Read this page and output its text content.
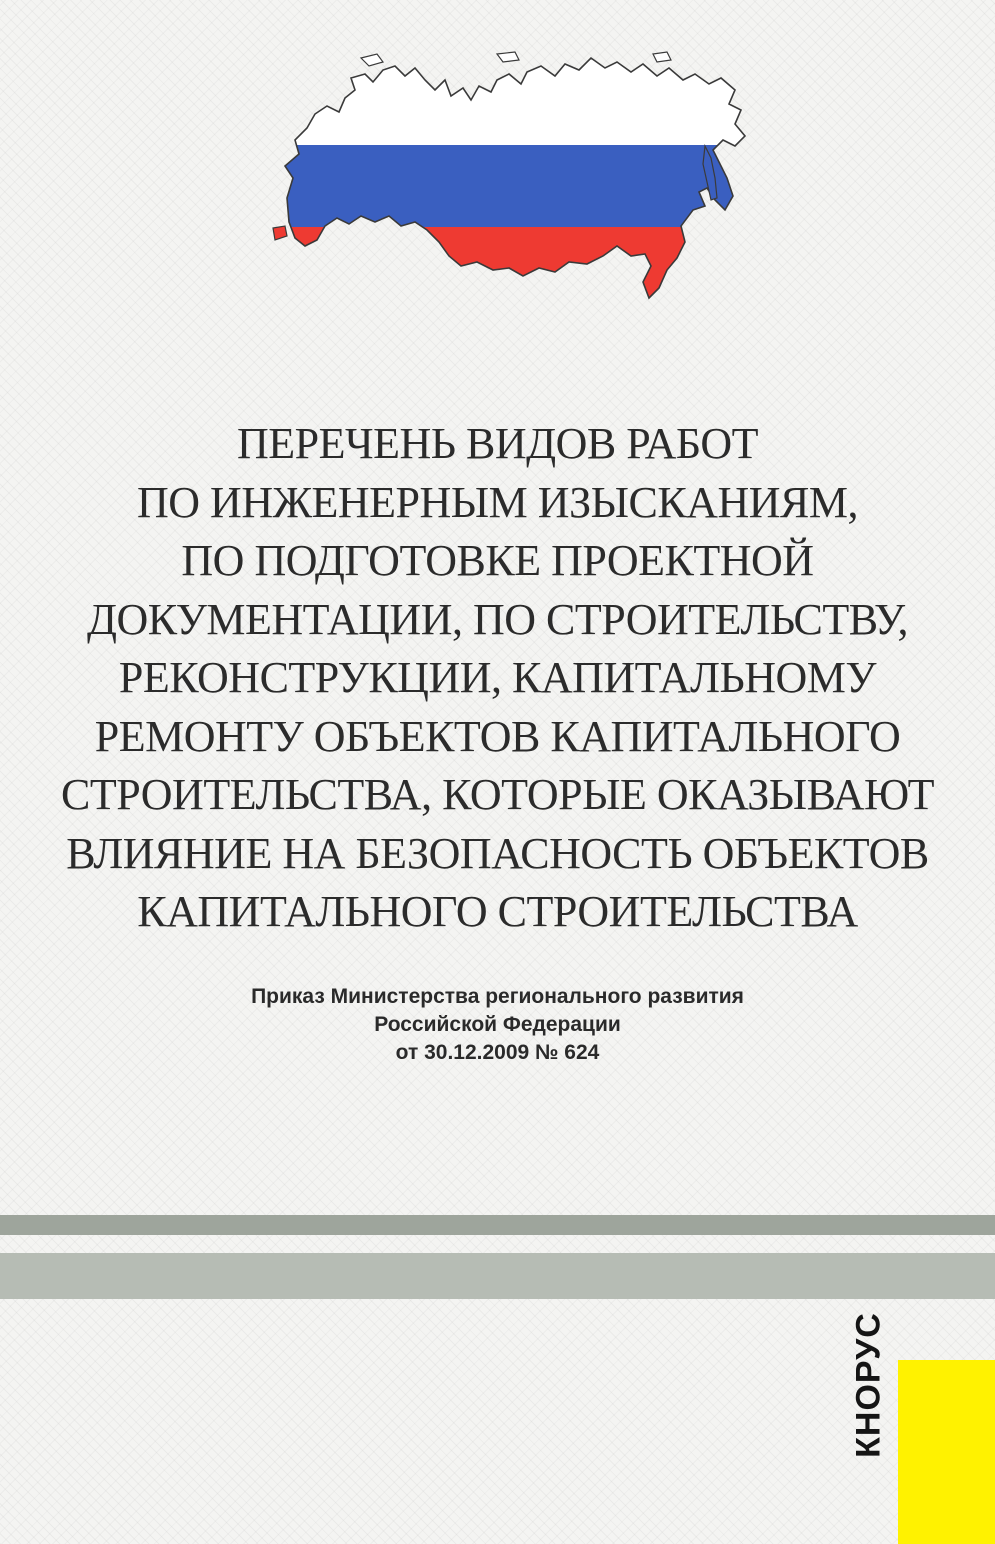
ПЕРЕЧЕНЬ ВИДОВ РАБОТ
ПО ИНЖЕНЕРНЫМ ИЗЫСКАНИЯМ,
ПО ПОДГОТОВКЕ ПРОЕКТНОЙ
ДОКУМЕНТАЦИИ, ПО СТРОИТЕЛЬСТВУ,
РЕКОНСТРУКЦИИ, КАПИТАЛЬНОМУ
РЕМОНТУ ОБЪЕКТОВ КАПИТАЛЬНОГО
СТРОИТЕЛЬСТВА, КОТОРЫЕ ОКАЗЫВАЮТ
ВЛИЯНИЕ НА БЕЗОПАСНОСТЬ ОБЪЕКТОВ
КАПИТАЛЬНОГО СТРОИТЕЛЬСТВА
Приказ Министерства регионального развития
Российской Федерации
от 30.12.2009 № 624
КНОРУС
